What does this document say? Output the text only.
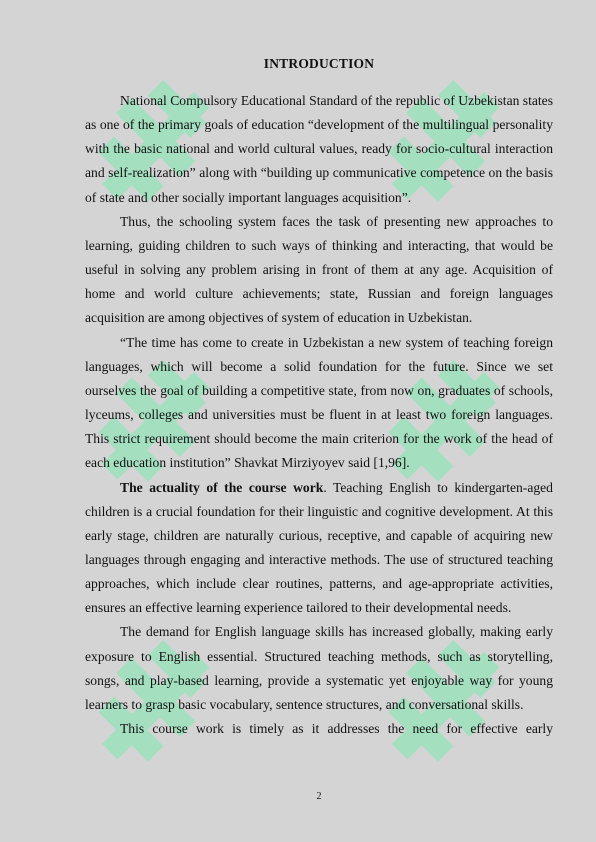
INTRODUCTION

National Compulsory Educational Standard of the republic of Uzbekistan states as one of the primary goals of education “development of the multilingual personality with the basic national and world cultural values, ready for socio-cultural interaction and self-realization” along with “building up communicative competence on the basis of state and other socially important languages acquisition”.

Thus, the schooling system faces the task of presenting new approaches to learning, guiding children to such ways of thinking and interacting, that would be useful in solving any problem arising in front of them at any age. Acquisition of home and world culture achievements; state, Russian and foreign languages acquisition are among objectives of system of education in Uzbekistan.

“The time has come to create in Uzbekistan a new system of teaching foreign languages, which will become a solid foundation for the future. Since we set ourselves the goal of building a competitive state, from now on, graduates of schools, lyceums, colleges and universities must be fluent in at least two foreign languages. This strict requirement should become the main criterion for the work of the head of each education institution” Shavkat Mirziyoyev said [1,96].

The actuality of the course work. Teaching English to kindergarten-aged children is a crucial foundation for their linguistic and cognitive development. At this early stage, children are naturally curious, receptive, and capable of acquiring new languages through engaging and interactive methods. The use of structured teaching approaches, which include clear routines, patterns, and age-appropriate activities, ensures an effective learning experience tailored to their developmental needs.

The demand for English language skills has increased globally, making early exposure to English essential. Structured teaching methods, such as storytelling, songs, and play-based learning, provide a systematic yet enjoyable way for young learners to grasp basic vocabulary, sentence structures, and conversational skills.

This course work is timely as it addresses the need for effective early

2
